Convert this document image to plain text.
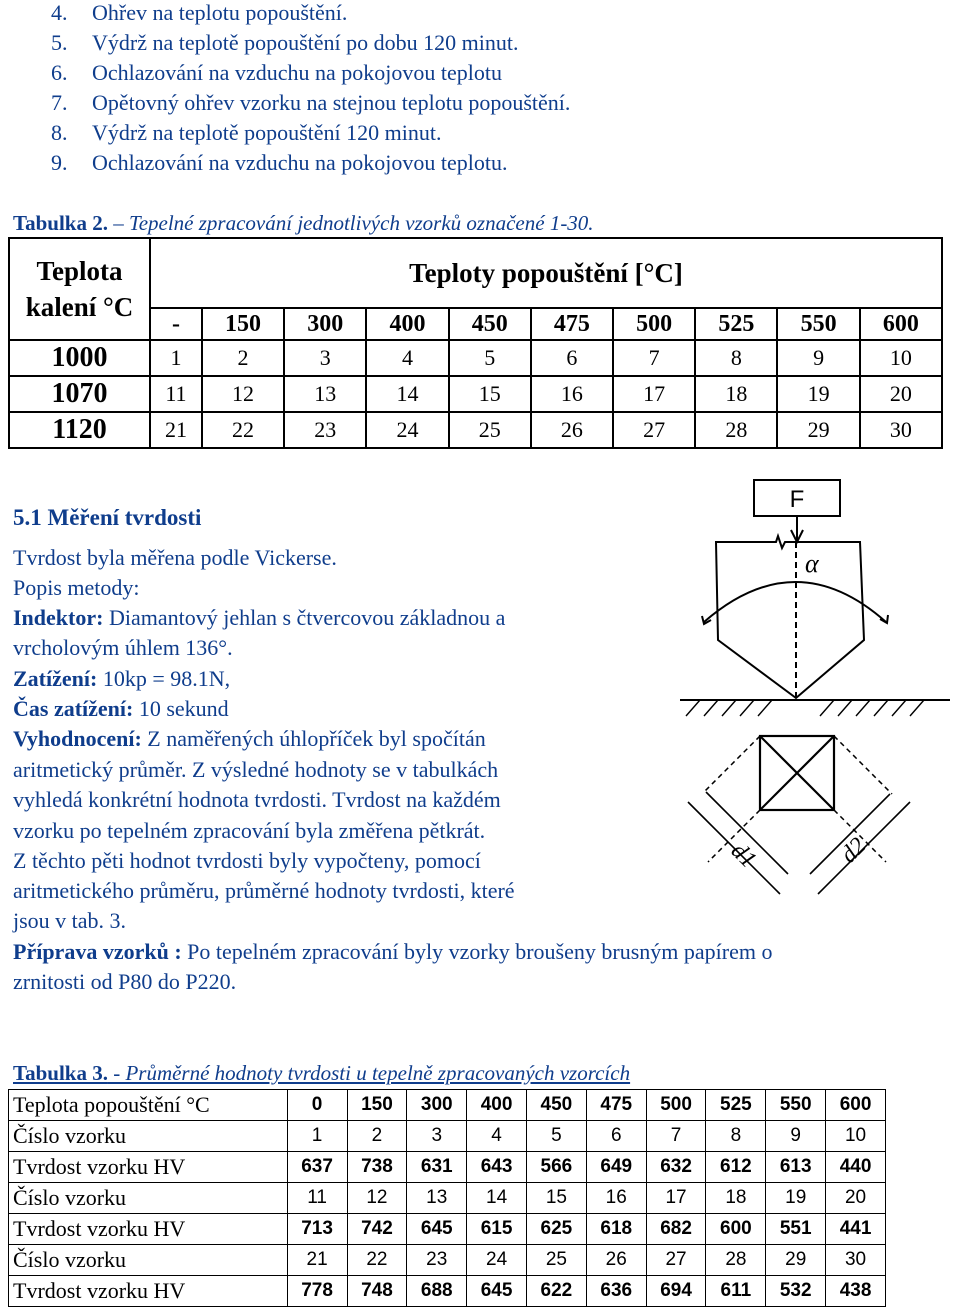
4. Ohřev na teplotu popouštění.
5. Výdrž na teplotě popouštění po dobu 120 minut.
6. Ochlazování na vzduchu na pokojovou teplotu
7. Opětovný ohřev vzorku na stejnou teplotu popouštění.
8. Výdrž na teplotě popouštění 120 minut.
9. Ochlazování na vzduchu na pokojovou teplotu.
Tabulka 2. – Tepelné zpracování jednotlivých vzorků označené 1-30.
Teplota
kalení °C	Teploty popouštění [°C]									
	-	150	300	400	450	475	500	525	550	600
1000	1	2	3	4	5	6	7	8	9	10
1070	11	12	13	14	15	16	17	18	19	20
1120	21	22	23	24	25	26	27	28	29	30
5.1 Měření tvrdosti
Tvrdost byla měřena podle Vickerse.
Popis metody:
Indektor: Diamantový jehlan s čtvercovou základnou a
vrcholovým úhlem 136°.
Zatížení: 10kp = 98.1N,
Čas zatížení: 10 sekund
Vyhodnocení: Z naměřených úhlopříček byl spočítán
aritmetický průměr. Z výsledné hodnoty se v tabulkách
vyhledá konkrétní hodnota tvrdosti. Tvrdost na každém
vzorku po tepelném zpracování byla změřena pětkrát.
Z těchto pěti hodnot tvrdosti byly vypočteny, pomocí
aritmetického průměru, průměrné hodnoty tvrdosti, které
jsou v tab. 3.
Příprava vzorků : Po tepelném zpracování byly vzorky broušeny brusným papírem o
zrnitosti od P80 do P220.
F
α
d1	d2
Tabulka 3. - Průměrné hodnoty tvrdosti u tepelně zpracovaných vzorcích
Teplota popouštění °C	0	150	300	400	450	475	500	525	550	600
Číslo vzorku	1	2	3	4	5	6	7	8	9	10
Tvrdost vzorku HV	637	738	631	643	566	649	632	612	613	440
Číslo vzorku	11	12	13	14	15	16	17	18	19	20
Tvrdost vzorku HV	713	742	645	615	625	618	682	600	551	441
Číslo vzorku	21	22	23	24	25	26	27	28	29	30
Tvrdost vzorku HV	778	748	688	645	622	636	694	611	532	438
